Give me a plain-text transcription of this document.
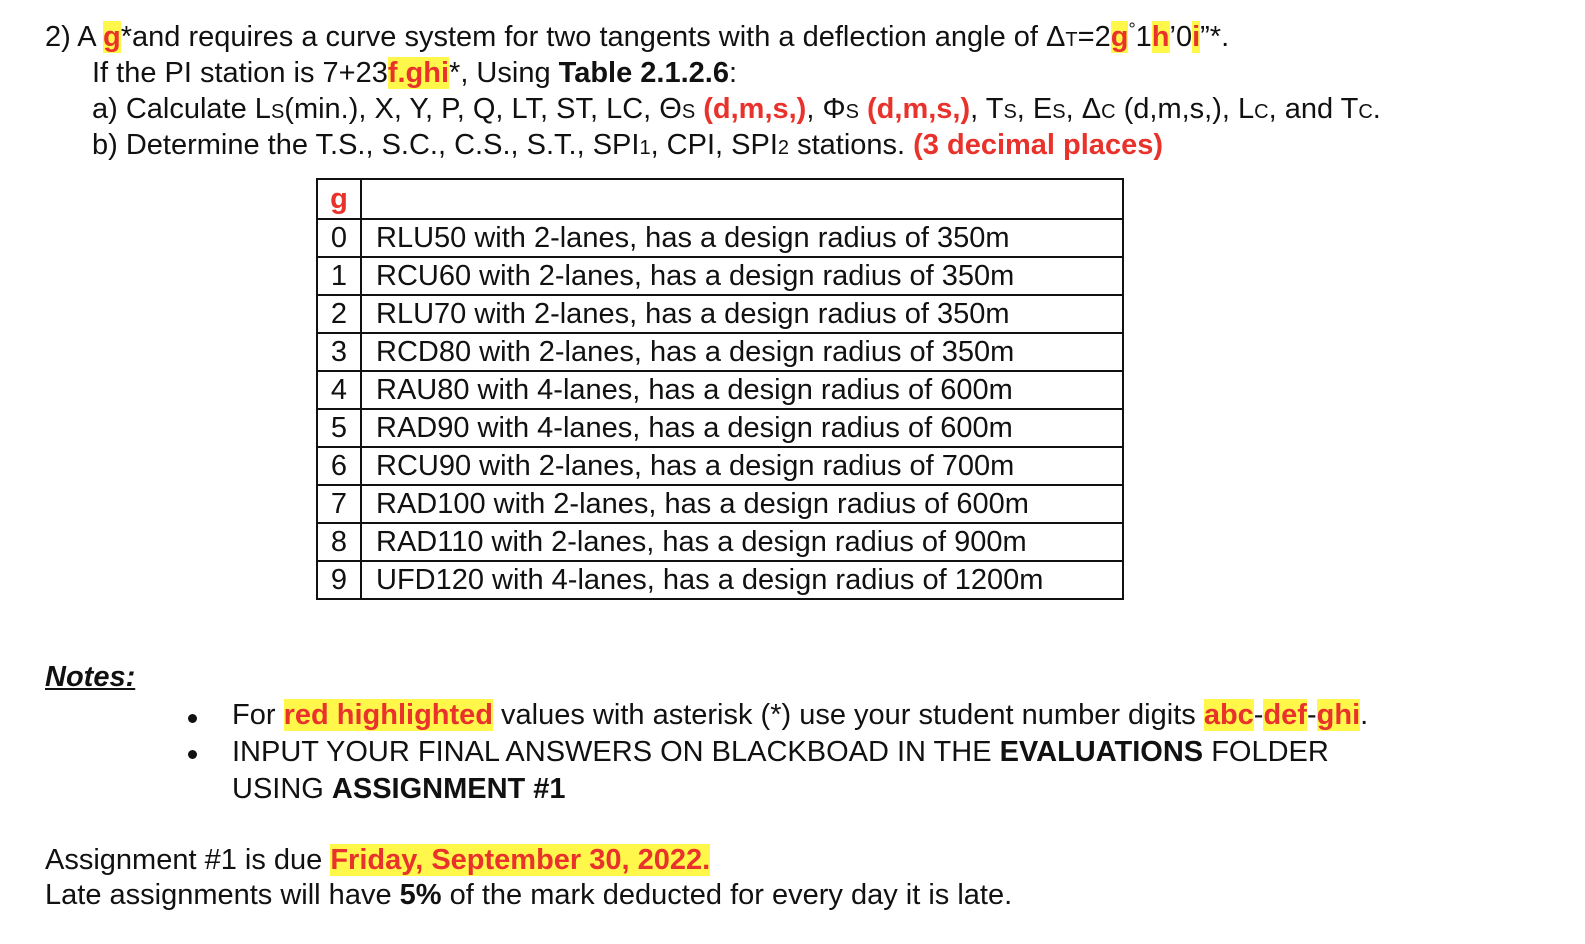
2) A g*and requires a curve system for two tangents with a deflection angle of ΔT=2g°1h’0i”*.
If the PI station is 7+23f.ghi*, Using Table 2.1.2.6:
a) Calculate LS(min.), X, Y, P, Q, LT, ST, LC, ΘS (d,m,s,), ΦS (d,m,s,), TS, ES, ΔC (d,m,s,), LC, and TC.
b) Determine the T.S., S.C., C.S., S.T., SPI1, CPI, SPI2 stations. (3 decimal places)
g	
0	RLU50 with 2-lanes, has a design radius of 350m
1	RCU60 with 2-lanes, has a design radius of 350m
2	RLU70 with 2-lanes, has a design radius of 350m
3	RCD80 with 2-lanes, has a design radius of 350m
4	RAU80 with 4-lanes, has a design radius of 600m
5	RAD90 with 4-lanes, has a design radius of 600m
6	RCU90 with 2-lanes, has a design radius of 700m
7	RAD100 with 2-lanes, has a design radius of 600m
8	RAD110 with 2-lanes, has a design radius of 900m
9	UFD120 with 4-lanes, has a design radius of 1200m
Notes:
For red highlighted values with asterisk (*) use your student number digits abc-def-ghi.
INPUT YOUR FINAL ANSWERS ON BLACKBOAD IN THE EVALUATIONS FOLDER
USING ASSIGNMENT #1
Assignment #1 is due Friday, September 30, 2022.
Late assignments will have 5% of the mark deducted for every day it is late.
